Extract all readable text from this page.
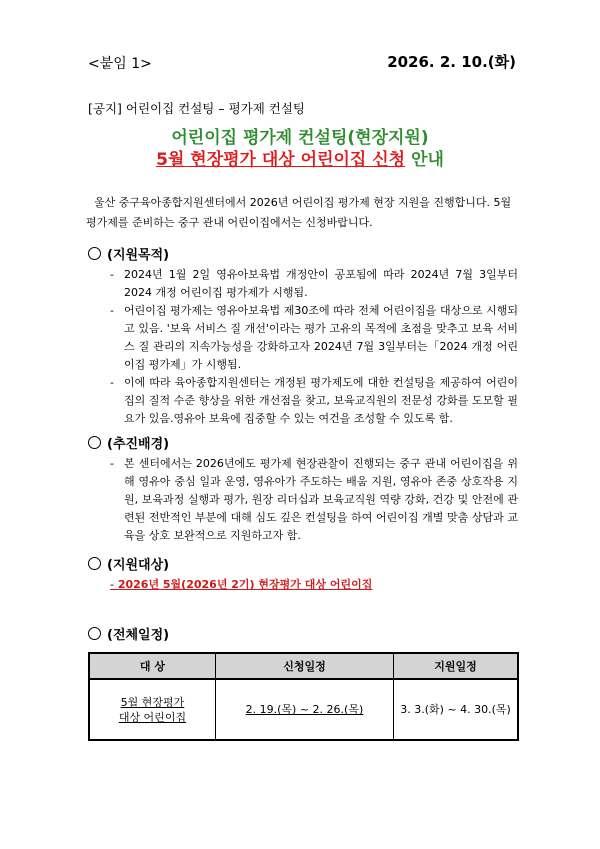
<붙임 1>	2026. 2. 10.(화)
[공지] 어린이집 컨설팅 – 평가제 컨설팅
어린이집 평가제 컨설팅(현장지원)
5월 현장평가 대상 어린이집 신청 안내
울산 중구육아종합지원센터에서 2026년 어린이집 평가제 현장 지원을 진행합니다. 5월 평가제를 준비하는 중구 관내 어린이집에서는 신청바랍니다.
(지원목적)
- 2024년 1월 2일 영유아보육법 개정안이 공포됨에 따라 2024년 7월 3일부터 2024 개정 어린이집 평가제가 시행됨.
- 어린이집 평가제는 영유아보육법 제30조에 따라 전체 어린이집을 대상으로 시행되고 있음. '보육 서비스 질 개선'이라는 평가 고유의 목적에 초점을 맞추고 보육 서비스 질 관리의 지속가능성을 강화하고자 2024년 7월 3일부터는「2024 개정 어린이집 평가제」가 시행됨.
- 이에 따라 육아종합지원센터는 개정된 평가제도에 대한 컨설팅을 제공하여 어린이집의 질적 수준 향상을 위한 개선점을 찾고, 보육교직원의 전문성 강화를 도모할 필요가 있음.영유아 보육에 집중할 수 있는 여건을 조성할 수 있도록 함.
(추진배경)
- 본 센터에서는 2026년에도 평가제 현장관찰이 진행되는 중구 관내 어린이집을 위해 영유아 중심 일과 운영, 영유아가 주도하는 배움 지원, 영유아 존중 상호작용 지원, 보육과정 실행과 평가, 원장 리더십과 보육교직원 역량 강화, 건강 및 안전에 관련된 전반적인 부분에 대해 심도 깊은 컨설팅을 하여 어린이집 개별 맞춤 상담과 교육을 상호 보완적으로 지원하고자 함.
(지원대상)
- 2026년 5월(2026년 2기) 현장평가 대상 어린이집
(전체일정)
대 상	신청일정	지원일정
5월 현장평가
대상 어린이집	2. 19.(목) ~ 2. 26.(목)	3. 3.(화) ~ 4. 30.(목)
